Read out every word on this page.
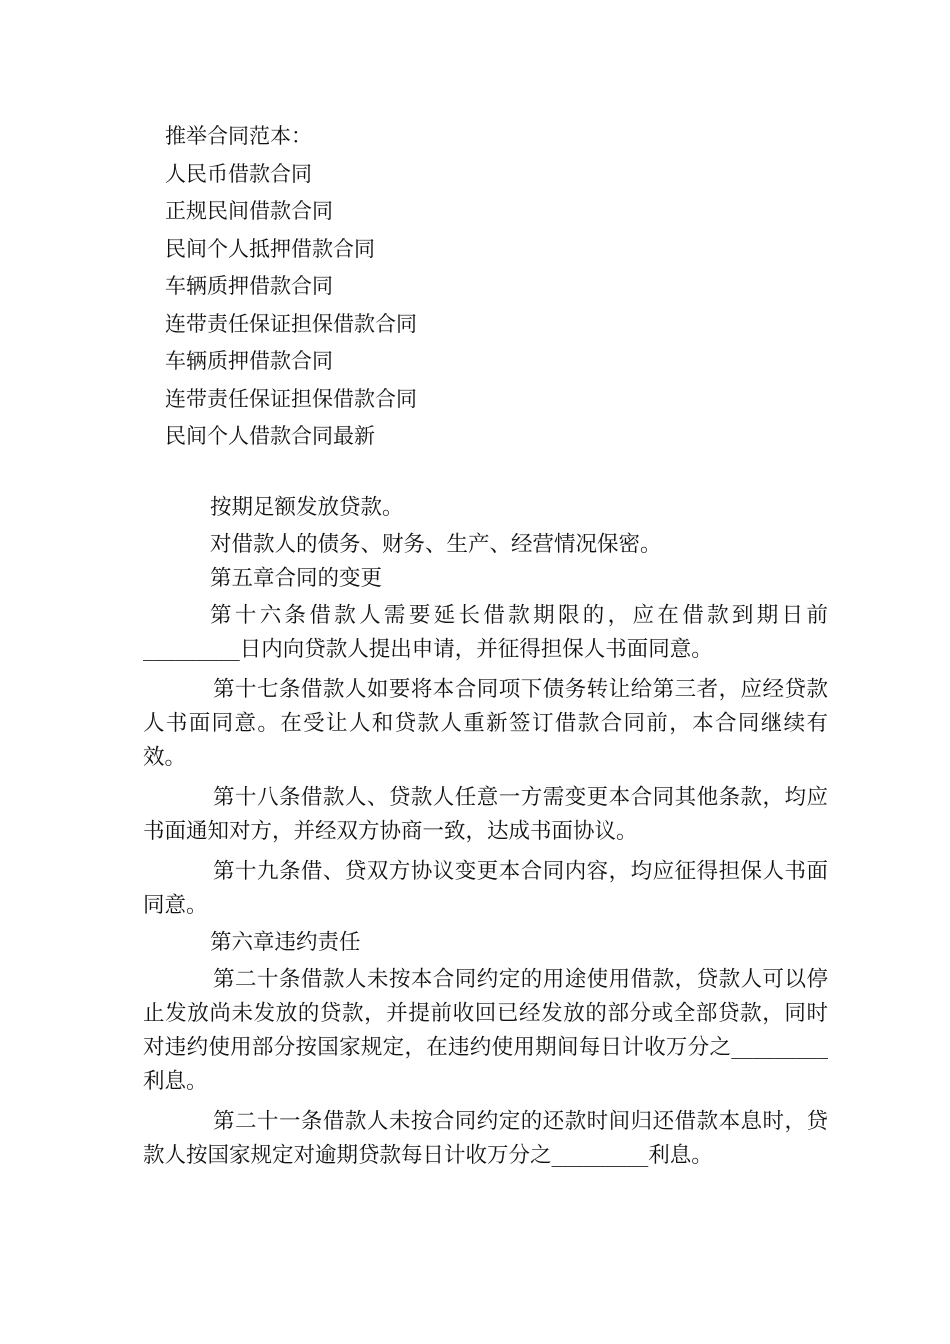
推举合同范本：
人民币借款合同
正规民间借款合同
民间个人抵押借款合同
车辆质押借款合同
连带责任保证担保借款合同
车辆质押借款合同
连带责任保证担保借款合同
民间个人借款合同最新

按期足额发放贷款。

对借款人的债务、财务、生产、经营情况保密。

第五章合同的变更

第十六条借款人需要延长借款期限的，应在借款到期日前_________日内向贷款人提出申请，并征得担保人书面同意。

第十七条借款人如要将本合同项下债务转让给第三者，应经贷款人书面同意。在受让人和贷款人重新签订借款合同前，本合同继续有效。

第十八条借款人、贷款人任意一方需变更本合同其他条款，均应书面通知对方，并经双方协商一致，达成书面协议。

第十九条借、贷双方协议变更本合同内容，均应征得担保人书面同意。

第六章违约责任

第二十条借款人未按本合同约定的用途使用借款，贷款人可以停止发放尚未发放的贷款，并提前收回已经发放的部分或全部贷款，同时对违约使用部分按国家规定，在违约使用期间每日计收万分之_________利息。

第二十一条借款人未按合同约定的还款时间归还借款本息时，贷款人按国家规定对逾期贷款每日计收万分之_________利息。
